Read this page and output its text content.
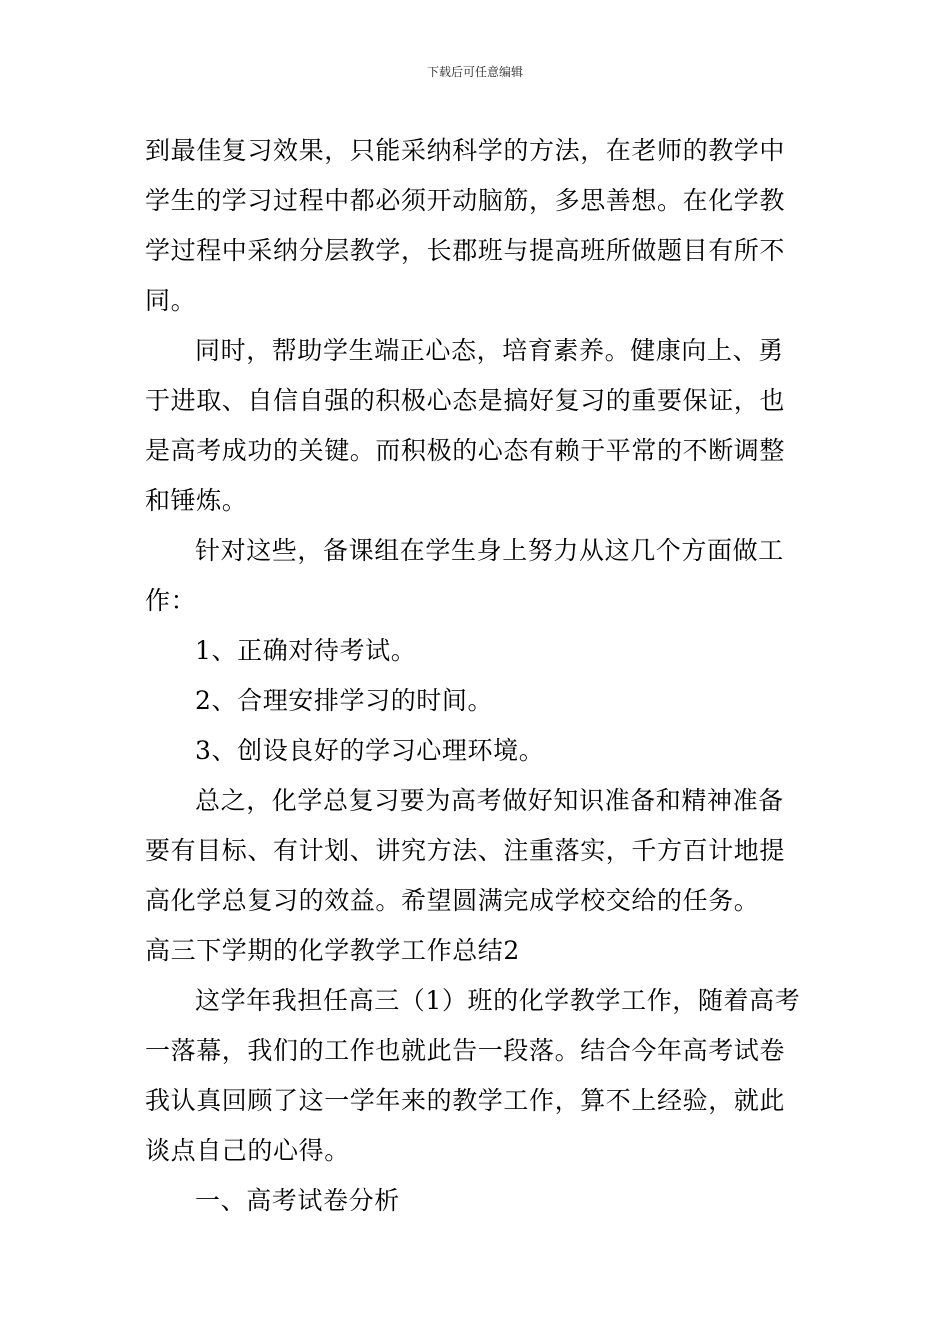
下载后可任意编辑
到最佳复习效果，只能采纳科学的方法，在老师的教学中
学生的学习过程中都必须开动脑筋，多思善想。在化学教
学过程中采纳分层教学，长郡班与提高班所做题目有所不
同。
同时，帮助学生端正心态，培育素养。健康向上、勇
于进取、自信自强的积极心态是搞好复习的重要保证，也
是高考成功的关键。而积极的心态有赖于平常的不断调整
和锤炼。
针对这些，备课组在学生身上努力从这几个方面做工
作：
1、正确对待考试。
2、合理安排学习的时间。
3、创设良好的学习心理环境。
总之，化学总复习要为高考做好知识准备和精神准备
要有目标、有计划、讲究方法、注重落实，千方百计地提
高化学总复习的效益。希望圆满完成学校交给的任务。
高三下学期的化学教学工作总结2
这学年我担任高三（1）班的化学教学工作，随着高考
一落幕，我们的工作也就此告一段落。结合今年高考试卷
我认真回顾了这一学年来的教学工作，算不上经验，就此
谈点自己的心得。
一、高考试卷分析
